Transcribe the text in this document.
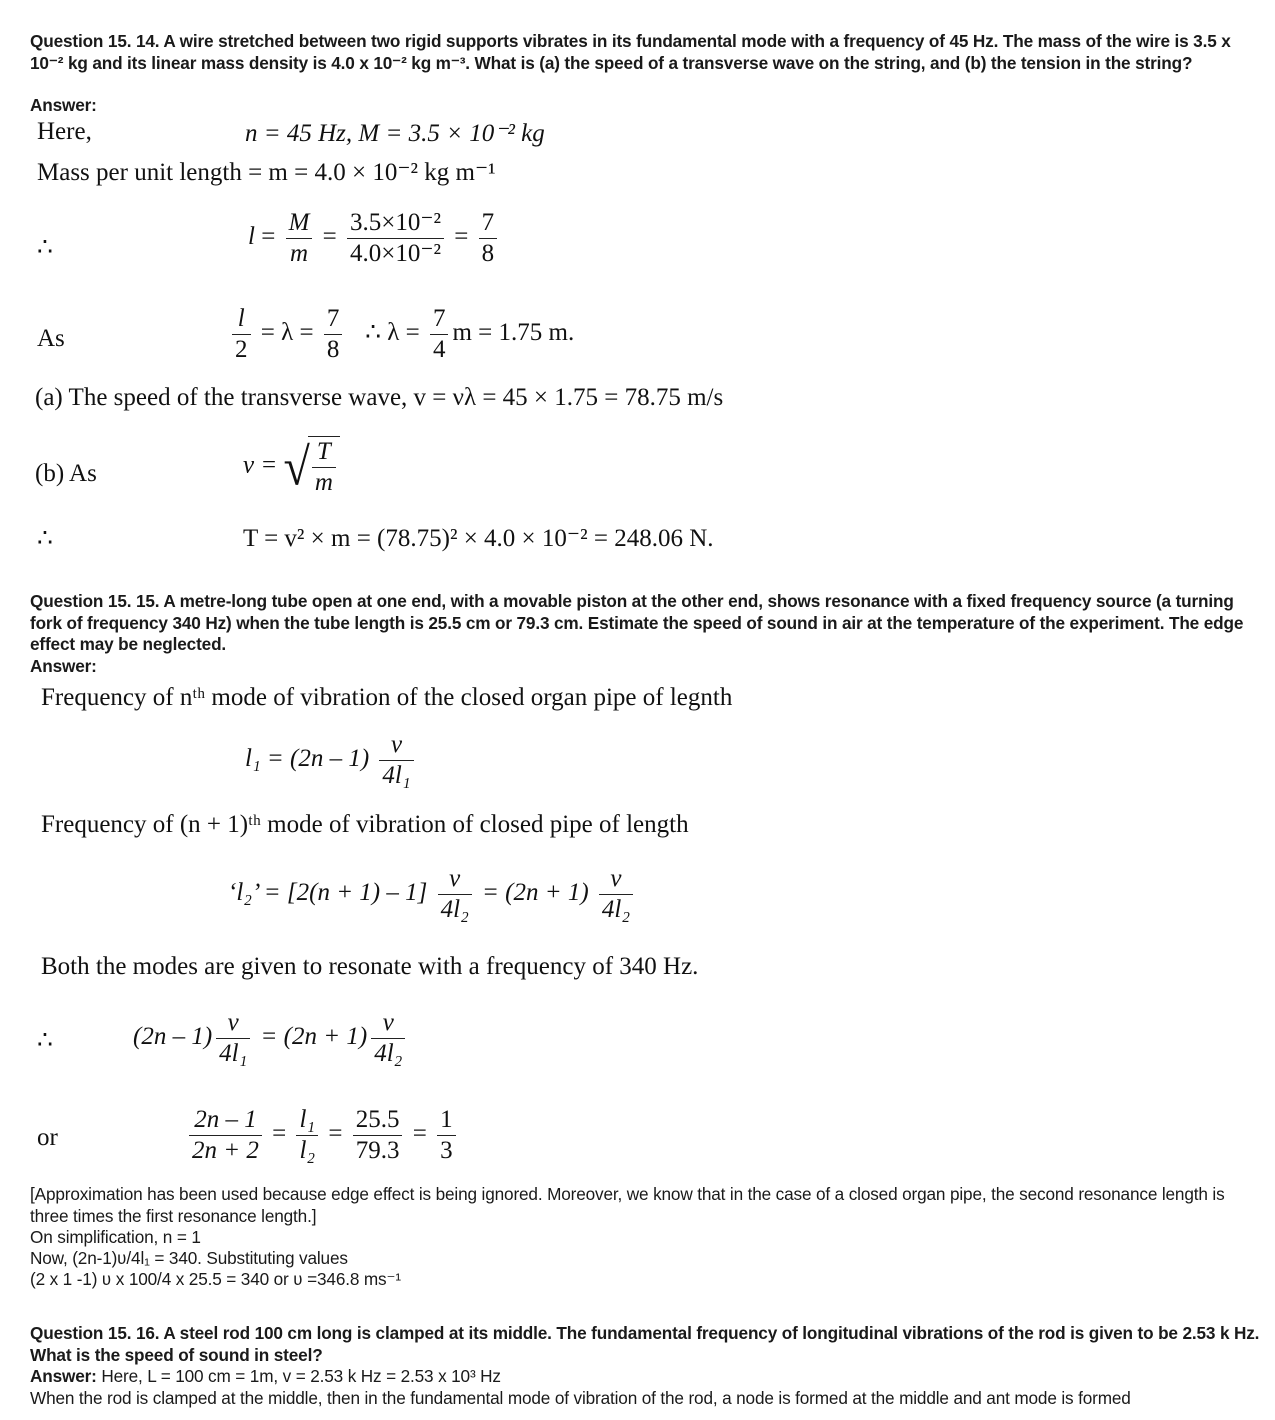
Question 15. 14. A wire stretched between two rigid supports vibrates in its fundamental mode with a frequency of 45 Hz. The mass of the wire is 3.5 x 10⁻² kg and its linear mass density is 4.0 x 10⁻² kg m⁻³. What is (a) the speed of a transverse wave on the string, and (b) the tension in the string?
Answer:
Here,	n = 45 Hz, M = 3.5 × 10⁻² kg
Mass per unit length = m = 4.0 × 10⁻² kg m⁻¹
∴	$l = \frac{M}{m} = \frac{\text{3.5×10⁻²}}{\text{4.0×10⁻²}} = \frac{7}{8}$
As	$\frac{l}{2} = \lambda = \frac{7}{8}$ ∴ $\lambda = \frac{7}{4}$ m = 1.75 m.
(a) The speed of the transverse wave, v = νλ = 45 × 1.75 = 78.75 m/s
(b) As	v = √ $\frac{T}{m}$
∴	T = v² × m = (78.75)² × 4.0 × 10⁻² = 248.06 N.
Question 15. 15. A metre-long tube open at one end, with a movable piston at the other end, shows resonance with a fixed frequency source (a turning fork of frequency 340 Hz) when the tube length is 25.5 cm or 79.3 cm. Estimate the speed of sound in air at the temperature of the experiment. The edge effect may be neglected.
Answer:
Frequency of nᵗʰ mode of vibration of the closed organ pipe of legnth
$l_1 = (2n - 1) \frac{v}{\text{4l₁}}$
Frequency of (n + 1)ᵗʰ mode of vibration of closed pipe of length
‘l₂’ = $[2(n + 1) - 1] \frac{v}{\text{4l₂}} = (2n + 1) \frac{v}{\text{4l₂}}$
Both the modes are given to resonate with a frequency of 340 Hz.
∴	$(2n - 1) \frac{v}{\text{4l₁}} = (2n + 1) \frac{v}{\text{4l₂}}$
or	$\frac{2n - 1}{2n + 2} = \frac{\text{l₁}}{\text{l₂}} = \frac{25.5}{79.3} = \frac{1}{3}$
[Approximation has been used because edge effect is being ignored. Moreover, we know that in the case of a closed organ pipe, the second resonance length is three times the first resonance length.]
On simplification, n = 1
Now, (2n-1)ʋ/4l₁ = 340. Substituting values
(2 x 1 -1) ʋ x 100/4 x 25.5 = 340 or ʋ =346.8 ms⁻¹
Question 15. 16. A steel rod 100 cm long is clamped at its middle. The fundamental frequency of longitudinal vibrations of the rod is given to be 2.53 k Hz. What is the speed of sound in steel?
Answer: Here, L = 100 cm = 1m, v = 2.53 k Hz = 2.53 x 10³ Hz
When the rod is clamped at the middle, then in the fundamental mode of vibration of the rod, a node is formed at the middle and ant mode is formed
